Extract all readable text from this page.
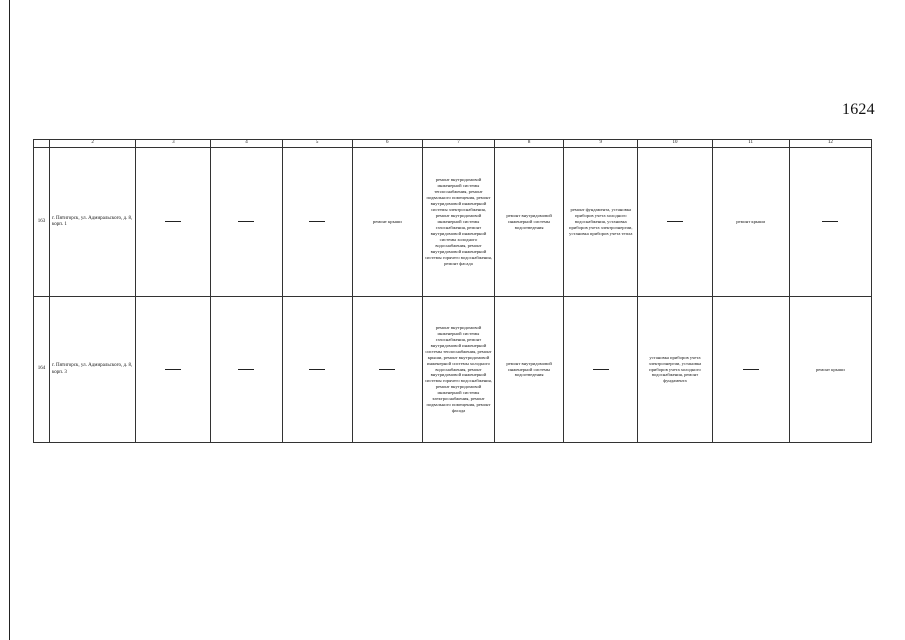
1624
	2	3	4	5	6	7	8	9	10	11	12
163	г. Пятигорск, ул. Адмиральского, д. 8, корп. 1				ремонт крыши	ремонт внутридомовой инженерной системы теплоснабжения, ремонт подвального помещения, ремонт внутридомовой инженерной системы электроснабжения, ремонт внутридомовой инженерной системы газоснабжения, ремонт внутридомовой инженерной системы холодного водоснабжения, ремонт внутридомовой инженерной системы горячего водоснабжения, ремонт фасада	ремонт внутридомовой инженерной системы водоотведения	ремонт фундамента, установка приборов учета холодного водоснабжения, установка приборов учета электроэнергии, установка приборов учета тепла		ремонт крыши	
164	г. Пятигорск, ул. Адмиральского, д. 8, корп. 3					ремонт внутридомовой инженерной системы газоснабжения, ремонт внутридомовой инженерной системы теплоснабжения, ремонт крыши, ремонт внутридомовой инженерной системы холодного водоснабжения, ремонт внутридомовой инженерной системы горячего водоснабжения, ремонт внутридомовой инженерной системы электроснабжения, ремонт подвального помещения, ремонт фасада	ремонт внутридомовой инженерной системы водоотведения		установка приборов учета электроэнергии, установка приборов учета холодного водоснабжения, ремонт фундамента		ремонт крыши
